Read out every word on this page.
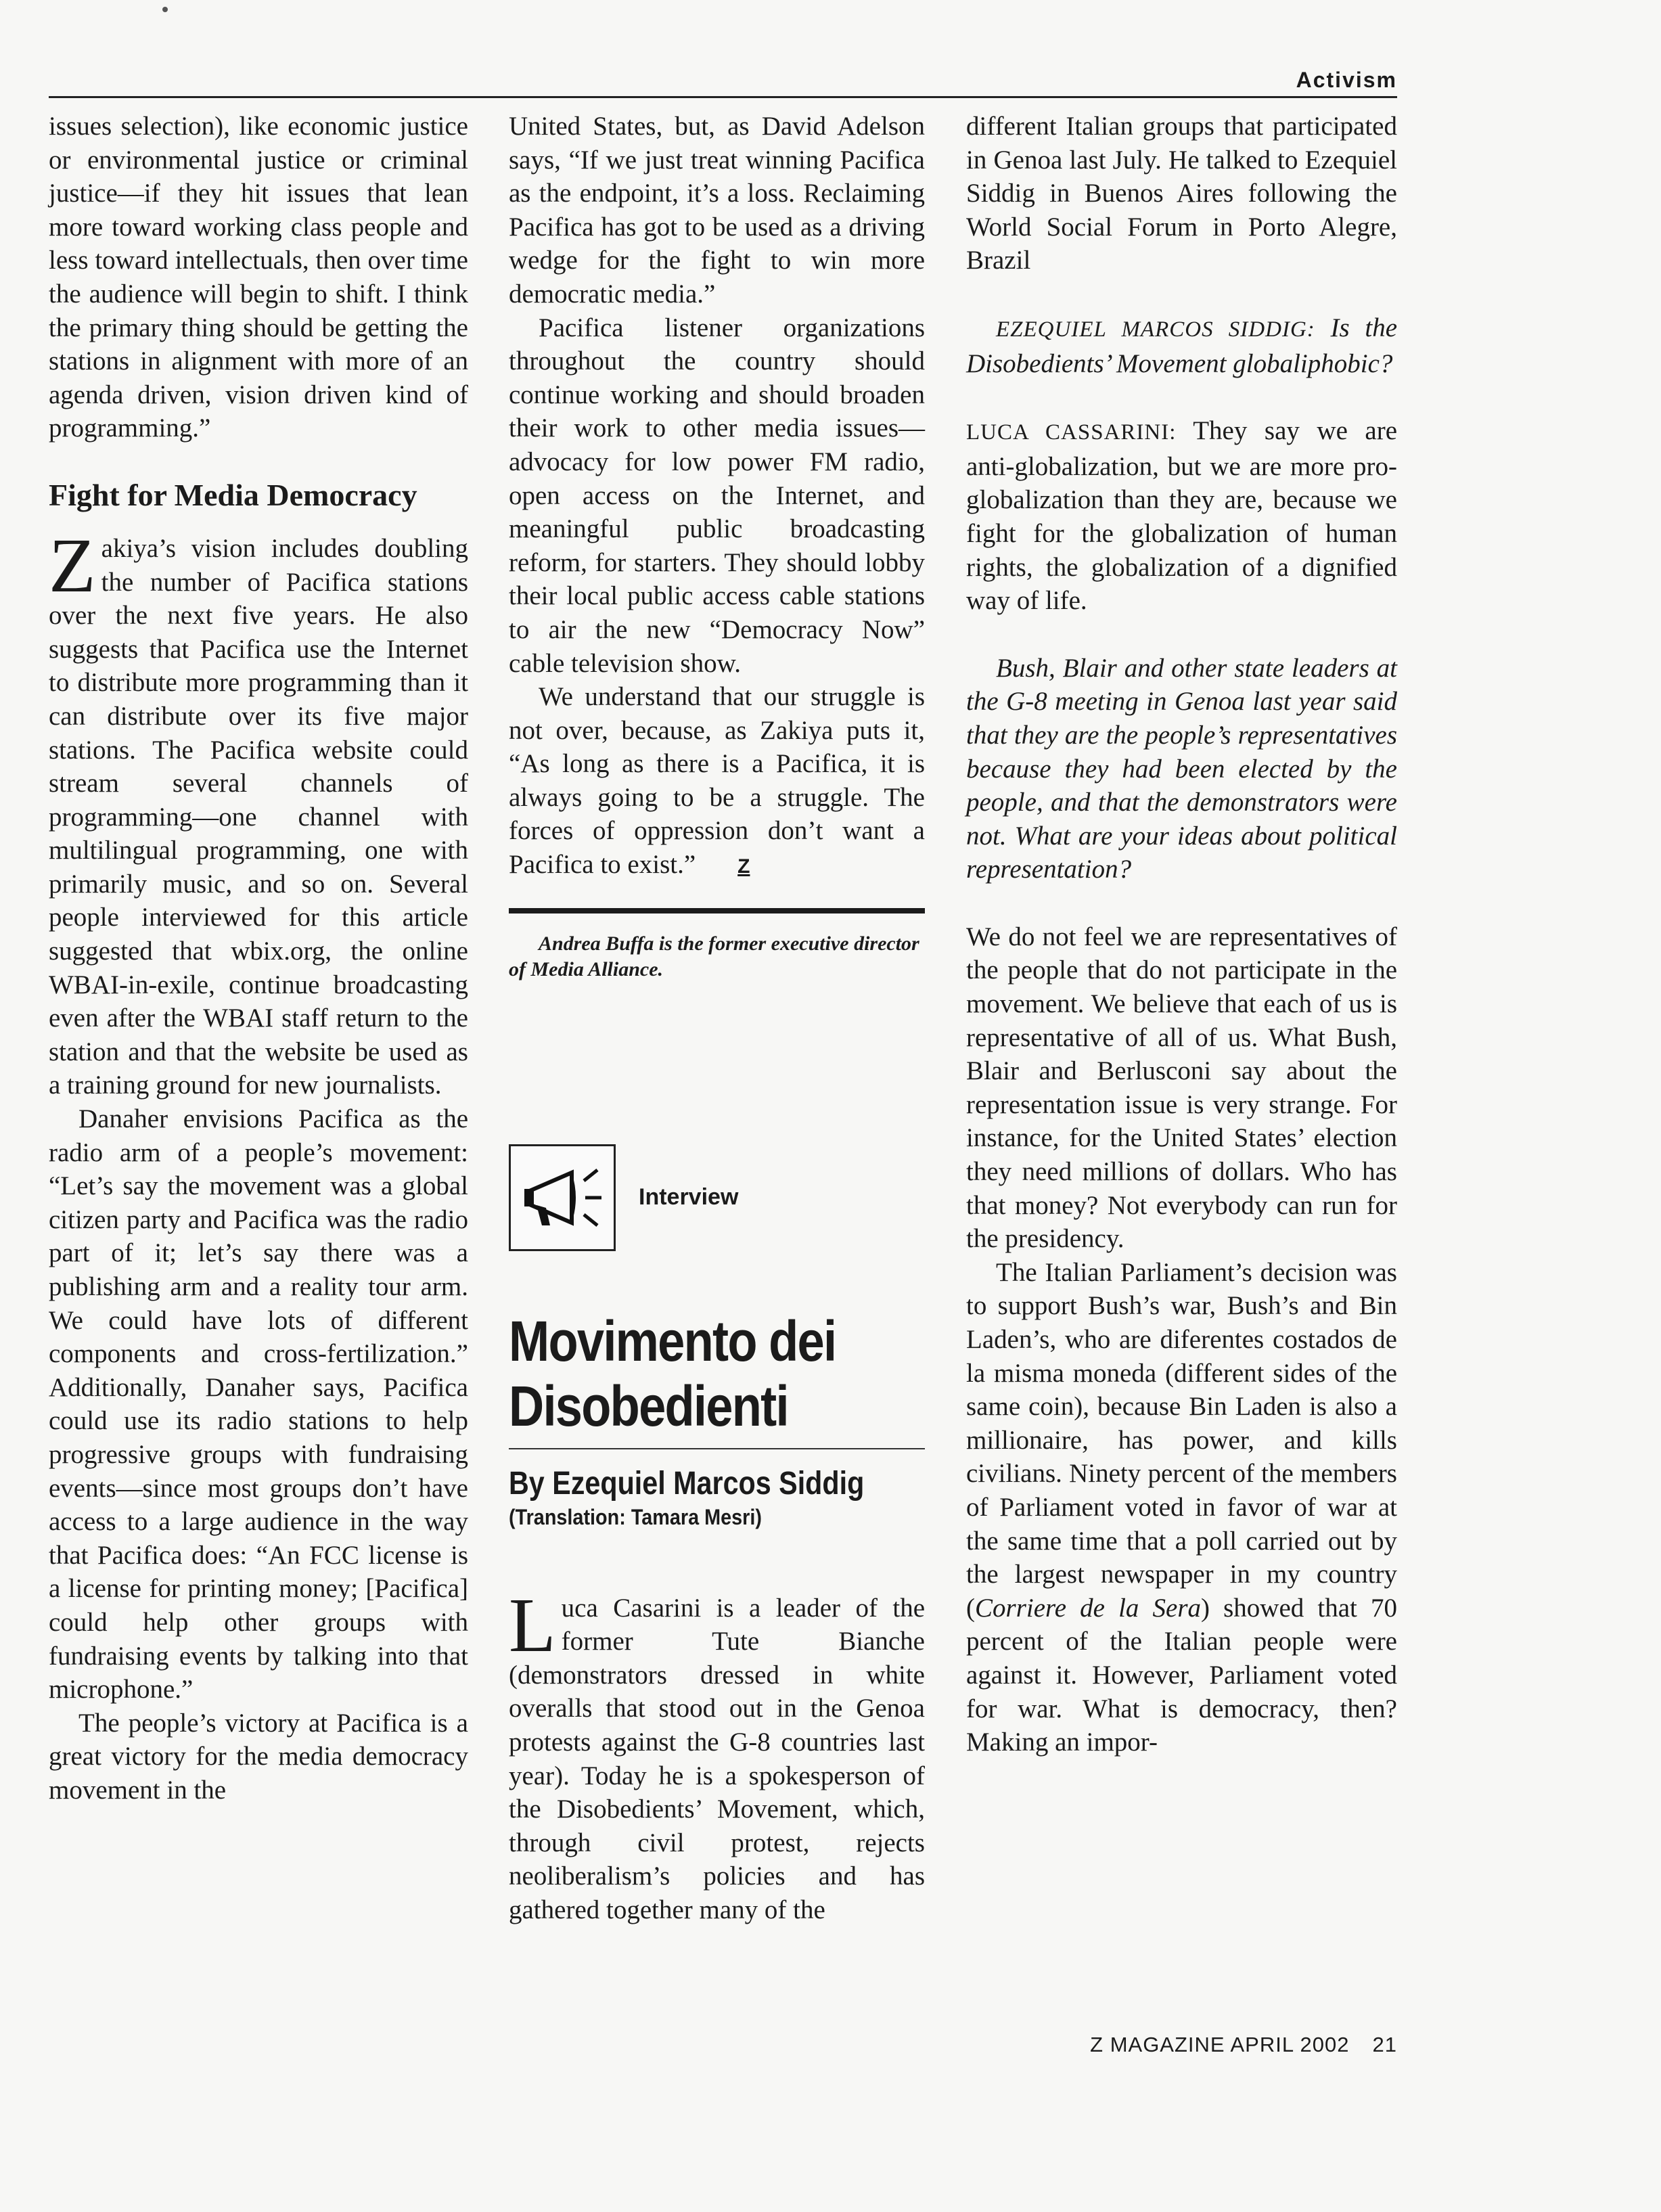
Activism

issues selection), like economic justice or environmental justice or criminal justice—if they hit issues that lean more toward working class people and less toward intellectuals, then over time the audience will begin to shift. I think the primary thing should be getting the stations in alignment with more of an agenda driven, vision driven kind of programming.”

Fight for Media Democracy

Zakiya’s vision includes doubling the number of Pacifica stations over the next five years. He also suggests that Pacifica use the Internet to distribute more programming than it can distribute over its five major stations. The Pacifica website could stream several channels of programming—one channel with multilingual programming, one with primarily music, and so on. Several people interviewed for this article suggested that wbix.org, the online WBAI-in-exile, continue broadcasting even after the WBAI staff return to the station and that the website be used as a training ground for new journalists.

Danaher envisions Pacifica as the radio arm of a people’s movement: “Let’s say the movement was a global citizen party and Pacifica was the radio part of it; let’s say there was a publishing arm and a reality tour arm. We could have lots of different components and cross-fertilization.” Additionally, Danaher says, Pacifica could use its radio stations to help progressive groups with fundraising events—since most groups don’t have access to a large audience in the way that Pacifica does: “An FCC license is a license for printing money; [Pacifica] could help other groups with fundraising events by talking into that microphone.”

The people’s victory at Pacifica is a great victory for the media democracy movement in the

United States, but, as David Adelson says, “If we just treat winning Pacifica as the endpoint, it’s a loss. Reclaiming Pacifica has got to be used as a driving wedge for the fight to win more democratic media.”

Pacifica listener organizations throughout the country should continue working and should broaden their work to other media issues—advocacy for low power FM radio, open access on the Internet, and meaningful public broadcasting reform, for starters. They should lobby their local public access cable stations to air the new “Democracy Now” cable television show.

We understand that our struggle is not over, because, as Zakiya puts it, “As long as there is a Pacifica, it is always going to be a struggle. The forces of oppression don’t want a Pacifica to exist.” Z

Andrea Buffa is the former executive director of Media Alliance.

Interview
Movimento dei
Disobedienti
By Ezequiel Marcos Siddig
(Translation: Tamara Mesri)

Luca Casarini is a leader of the former Tute Bianche (demonstrators dressed in white overalls that stood out in the Genoa protests against the G-8 countries last year). Today he is a spokesperson of the Disobedients’ Movement, which, through civil protest, rejects neoliberalism’s policies and has gathered together many of the

different Italian groups that participated in Genoa last July. He talked to Ezequiel Siddig in Buenos Aires following the World Social Forum in Porto Alegre, Brazil

EZEQUIEL MARCOS SIDDIG: Is the Disobedients’ Movement globaliphobic?

LUCA CASSARINI: They say we are anti-globalization, but we are more pro-globalization than they are, because we fight for the globalization of human rights, the globalization of a dignified way of life.

Bush, Blair and other state leaders at the G-8 meeting in Genoa last year said that they are the people’s representatives because they had been elected by the people, and that the demonstrators were not. What are your ideas about political representation?

We do not feel we are representatives of the people that do not participate in the movement. We believe that each of us is representative of all of us. What Bush, Blair and Berlusconi say about the representation issue is very strange. For instance, for the United States’ election they need millions of dollars. Who has that money? Not everybody can run for the presidency.

The Italian Parliament’s decision was to support Bush’s war, Bush’s and Bin Laden’s, who are diferentes costados de la misma moneda (different sides of the same coin), because Bin Laden is also a millionaire, has power, and kills civilians. Ninety percent of the members of Parliament voted in favor of war at the same time that a poll carried out by the largest newspaper in my country (Corriere de la Sera) showed that 70 percent of the Italian people were against it. However, Parliament voted for war. What is democracy, then? Making an impor-

Z MAGAZINE APRIL 2002 21
